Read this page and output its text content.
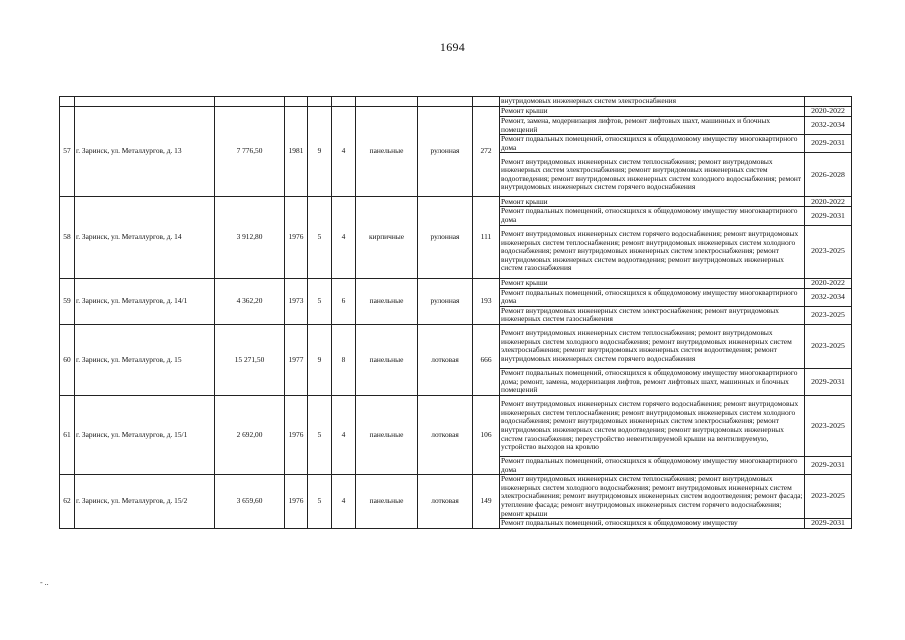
1694
									внутридомовых инженерных систем электроснабжения	
57	г. Заринск, ул. Металлургов, д. 13	7 776,50	1981	9	4	панельные	рулонная	272	Ремонт крыши	2020-2022
									Ремонт, замена, модернизация лифтов, ремонт лифтовых шахт, машинных и блочных помещений	2032-2034
									Ремонт подвальных помещений, относящихся к общедомовому имуществу многоквартирного дома	2029-2031
									Ремонт внутридомовых инженерных систем теплоснабжения; ремонт внутридомовых инженерных систем электроснабжения; ремонт внутридомовых инженерных систем водоотведения; ремонт внутридомовых инженерных систем холодного водоснабжения; ремонт внутридомовых инженерных систем горячего водоснабжения	2026-2028
58	г. Заринск, ул. Металлургов, д. 14	3 912,80	1976	5	4	кирпичные	рулонная	111	Ремонт крыши	2020-2022
									Ремонт подвальных помещений, относящихся к общедомовому имуществу многоквартирного дома	2029-2031
									Ремонт внутридомовых инженерных систем горячего водоснабжения; ремонт внутридомовых инженерных систем теплоснабжения; ремонт внутридомовых инженерных систем холодного водоснабжения; ремонт внутридомовых инженерных систем электроснабжения; ремонт внутридомовых инженерных систем водоотведения; ремонт внутридомовых инженерных систем газоснабжения	2023-2025
59	г. Заринск, ул. Металлургов, д. 14/1	4 362,20	1973	5	6	панельные	рулонная	193	Ремонт крыши	2020-2022
									Ремонт подвальных помещений, относящихся к общедомовому имуществу многоквартирного дома	2032-2034
									Ремонт внутридомовых инженерных систем электроснабжения; ремонт внутридомовых инженерных систем газоснабжения	2023-2025
60	г. Заринск, ул. Металлургов, д. 15	15 271,50	1977	9	8	панельные	лотковая	666	Ремонт внутридомовых инженерных систем теплоснабжения; ремонт внутридомовых инженерных систем холодного водоснабжения; ремонт внутридомовых инженерных систем электроснабжения; ремонт внутридомовых инженерных систем водоотведения; ремонт внутридомовых инженерных систем горячего водоснабжения	2023-2025
									Ремонт подвальных помещений, относящихся к общедомовому имуществу многоквартирного дома; ремонт, замена, модернизация лифтов, ремонт лифтовых шахт, машинных и блочных помещений	2029-2031
61	г. Заринск, ул. Металлургов, д. 15/1	2 692,00	1976	5	4	панельные	лотковая	106	Ремонт внутридомовых инженерных систем горячего водоснабжения; ремонт внутридомовых инженерных систем теплоснабжения; ремонт внутридомовых инженерных систем холодного водоснабжения; ремонт внутридомовых инженерных систем электроснабжения; ремонт внутридомовых инженерных систем водоотведения; ремонт внутридомовых инженерных систем газоснабжения; переустройство невентилируемой крыши на вентилируемую, устройство выходов на кровлю	2023-2025
									Ремонт подвальных помещений, относящихся к общедомовому имуществу многоквартирного дома	2029-2031
62	г. Заринск, ул. Металлургов, д. 15/2	3 659,60	1976	5	4	панельные	лотковая	149	Ремонт внутридомовых инженерных систем теплоснабжения; ремонт внутридомовых инженерных систем холодного водоснабжения; ремонт внутридомовых инженерных систем электроснабжения; ремонт внутридомовых инженерных систем водоотведения; ремонт фасада; утепление фасада; ремонт внутридомовых инженерных систем горячего водоснабжения; ремонт крыши	2023-2025
									Ремонт подвальных помещений, относящихся к общедомовому имуществу	2029-2031
- ..
